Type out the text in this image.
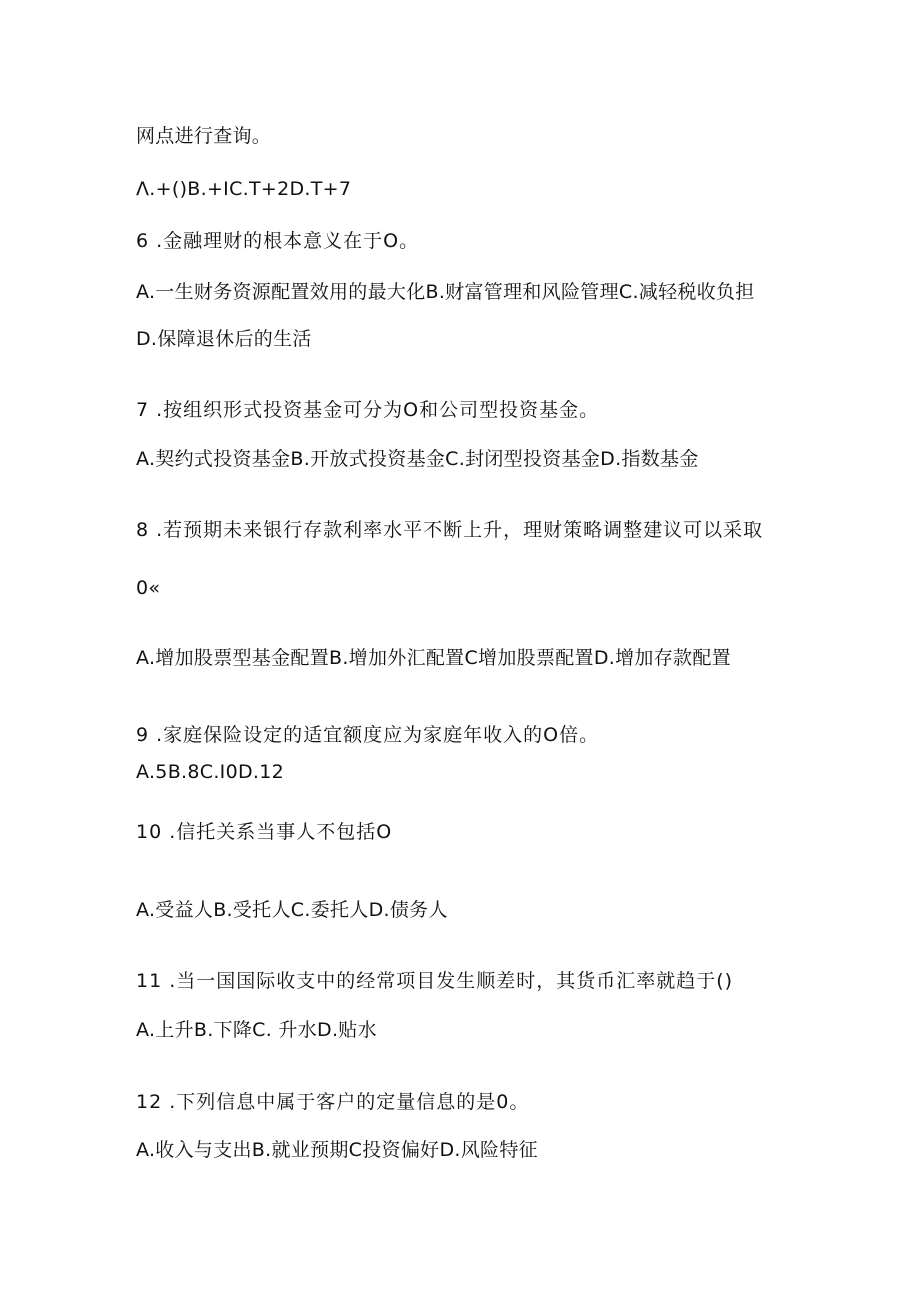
网点进行查询。
Λ.+()B.+IC.T+2D.T+7
6 .金融理财的根本意义在于O。
A.一生财务资源配置效用的最大化B.财富管理和风险管理C.减轻税收负担
D.保障退休后的生活
7 .按组织形式投资基金可分为O和公司型投资基金。
A.契约式投资基金B.开放式投资基金C.封闭型投资基金D.指数基金
8 .若预期未来银行存款利率水平不断上升，理财策略调整建议可以采取
0«
A.增加股票型基金配置B.增加外汇配置C增加股票配置D.增加存款配置
9 .家庭保险设定的适宜额度应为家庭年收入的O倍。
A.5B.8C.I0D.12
10 .信托关系当事人不包括O
A.受益人B.受托人C.委托人D.债务人
11 .当一国国际收支中的经常项目发生顺差时，其货币汇率就趋于()
A.上升B.下降C. 升水D.贴水
12 .下列信息中属于客户的定量信息的是0。
A.收入与支出B.就业预期C投资偏好D.风险特征
